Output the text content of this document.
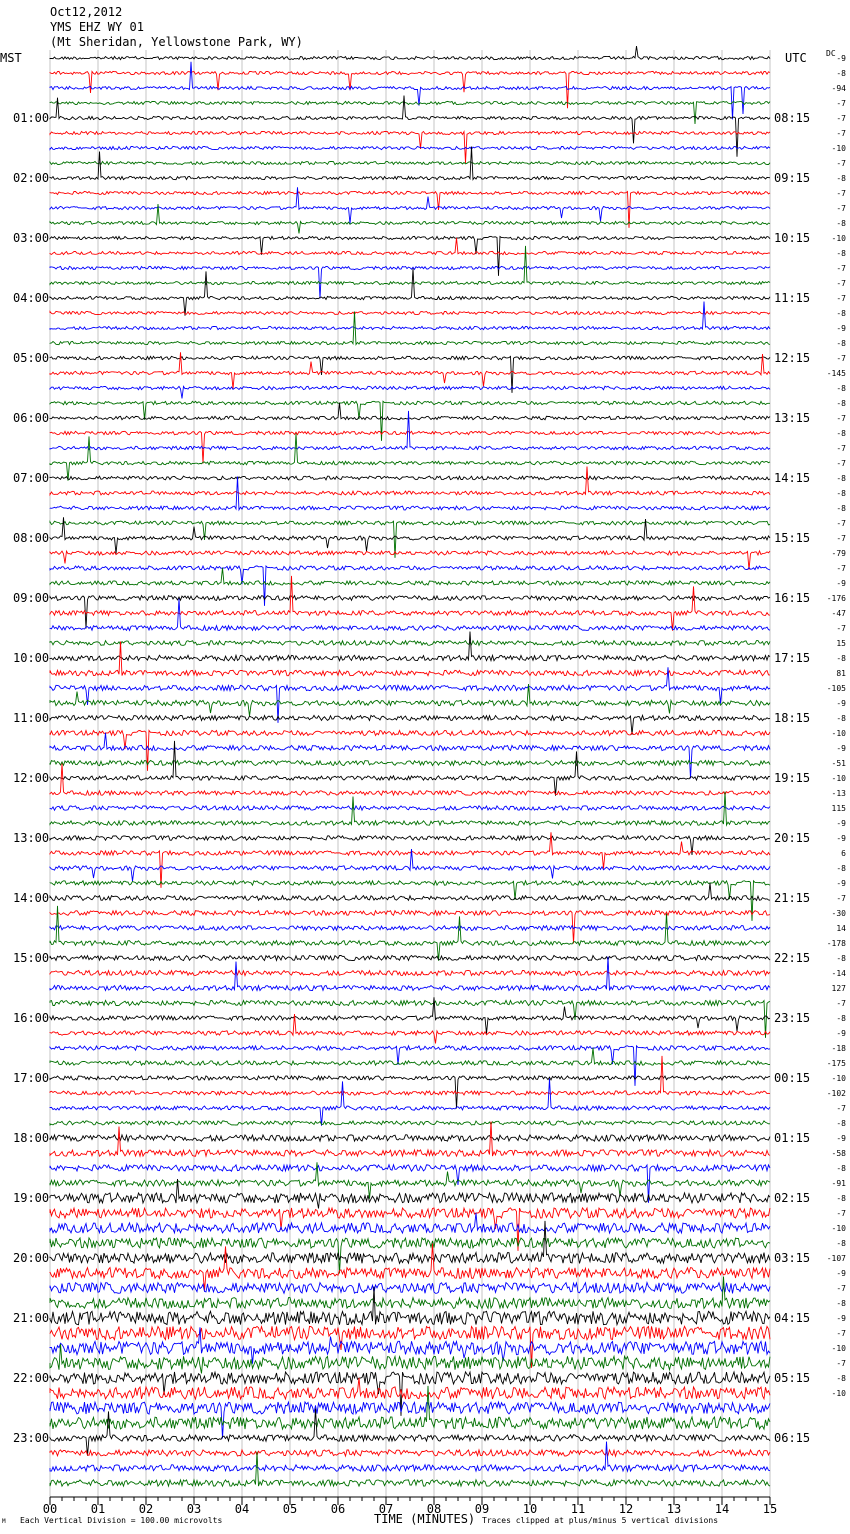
Oct12,2012
YMS EHZ WY 01
(Mt Sheridan, Yellowstone Park, WY)
MST	UTC DC
01:00
02:00
03:00
04:00
05:00
06:00
07:00
08:00
09:00
10:00
11:00
12:00
13:00
14:00
15:00
16:00
17:00
18:00
19:00
20:00
21:00
22:00
23:00
08:15
09:15
10:15
11:15
12:15
13:15
14:15
15:15
16:15
17:15
18:15
19:15
20:15
21:15
22:15
23:15
00:15
01:15
02:15
03:15
04:15
05:15
06:15
-9
-8
-94
-7
-7
-7
-10
-7
-8
-7
-7
-8
-10
-8
-7
-7
-7
-8
-9
-8
-7
-145
-8
-8
-7
-8
-7
-7
-8
-8
-8
-7
-7
-79
-7
-9
-176
-47
-7
15
-8
81
-105
-9
-8
-10
-9
-51
-10
-13
115
-9
-9
6
-8
-9
-7
-30
14
-178
-8
-14
127
-7
-8
-9
-18
-175
-10
-102
-7
-8
-9
-58
-8
-91
-8
-7
-10
-8
-107
-9
-7
-8
-9
-7
-10
-7
-8
-10
00	01	02	03	04	05	06	07	08	09	10	11	12	13	14	15
M Each Vertical Division = 100.00 microvolts	TIME (MINUTES) Traces clipped at plus/minus 5 vertical divisions
